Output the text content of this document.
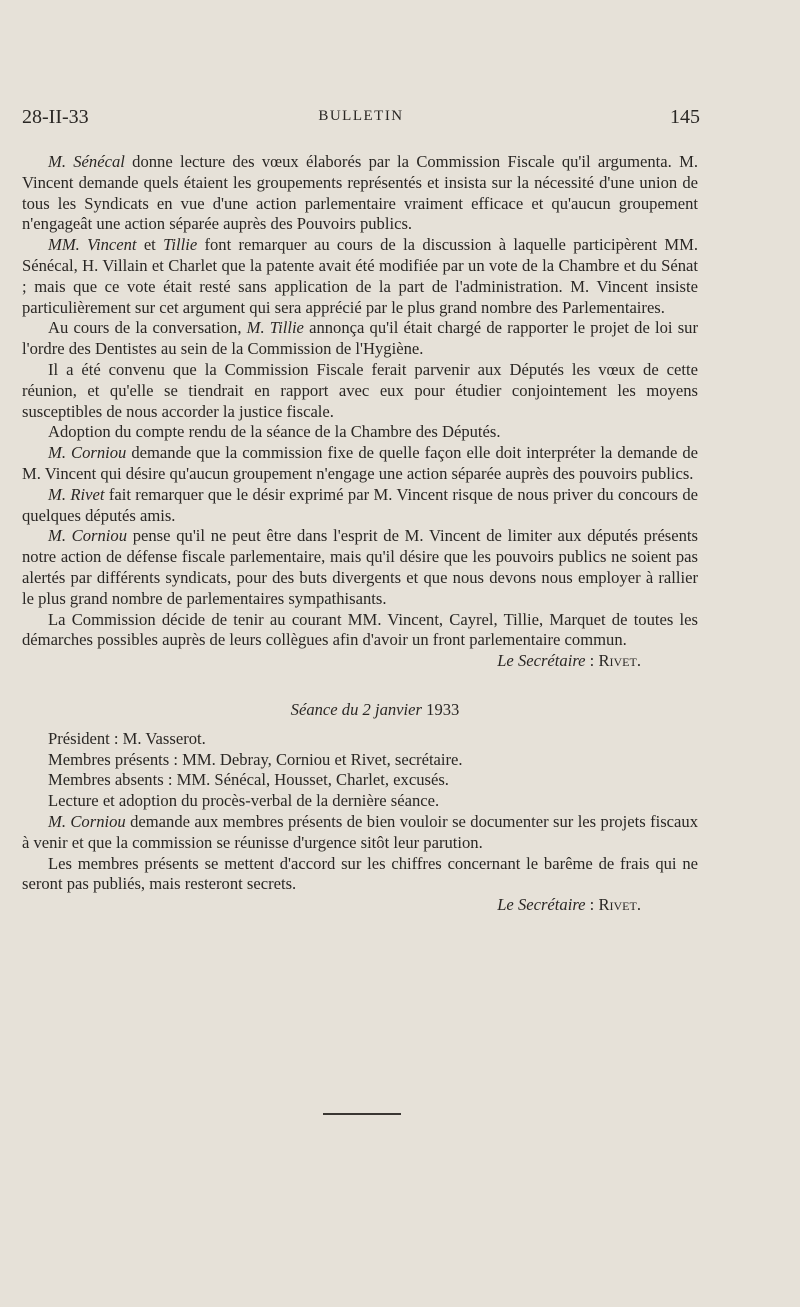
28-II-33	BULLETIN	145

M. Sénécal donne lecture des vœux élaborés par la Commission Fiscale qu'il argumenta. M. Vincent demande quels étaient les groupements représentés et insista sur la nécessité d'une union de tous les Syndicats en vue d'une action parlementaire vraiment efficace et qu'aucun groupement n'engageât une action séparée auprès des Pouvoirs publics.

MM. Vincent et Tillie font remarquer au cours de la discussion à laquelle participèrent MM. Sénécal, H. Villain et Charlet que la patente avait été modifiée par un vote de la Chambre et du Sénat ; mais que ce vote était resté sans application de la part de l'administration. M. Vincent insiste particulièrement sur cet argument qui sera apprécié par le plus grand nombre des Parlementaires.

Au cours de la conversation, M. Tillie annonça qu'il était chargé de rapporter le projet de loi sur l'ordre des Dentistes au sein de la Commission de l'Hygiène.

Il a été convenu que la Commission Fiscale ferait parvenir aux Députés les vœux de cette réunion, et qu'elle se tiendrait en rapport avec eux pour étudier conjointement les moyens susceptibles de nous accorder la justice fiscale.

Adoption du compte rendu de la séance de la Chambre des Députés.

M. Corniou demande que la commission fixe de quelle façon elle doit interpréter la demande de M. Vincent qui désire qu'aucun groupement n'engage une action séparée auprès des pouvoirs publics.

M. Rivet fait remarquer que le désir exprimé par M. Vincent risque de nous priver du concours de quelques députés amis.

M. Corniou pense qu'il ne peut être dans l'esprit de M. Vincent de limiter aux députés présents notre action de défense fiscale parlementaire, mais qu'il désire que les pouvoirs publics ne soient pas alertés par différents syndicats, pour des buts divergents et que nous devons nous employer à rallier le plus grand nombre de parlementaires sympathisants.

La Commission décide de tenir au courant MM. Vincent, Cayrel, Tillie, Marquet de toutes les démarches possibles auprès de leurs collègues afin d'avoir un front parlementaire commun.

Le Secrétaire : Rivet.

Séance du 2 janvier 1933

Président : M. Vasserot.

Membres présents : MM. Debray, Corniou et Rivet, secrétaire.

Membres absents : MM. Sénécal, Housset, Charlet, excusés.

Lecture et adoption du procès-verbal de la dernière séance.

M. Corniou demande aux membres présents de bien vouloir se documenter sur les projets fiscaux à venir et que la commission se réunisse d'urgence sitôt leur parution.

Les membres présents se mettent d'accord sur les chiffres concernant le barême de frais qui ne seront pas publiés, mais resteront secrets.

Le Secrétaire : Rivet.
